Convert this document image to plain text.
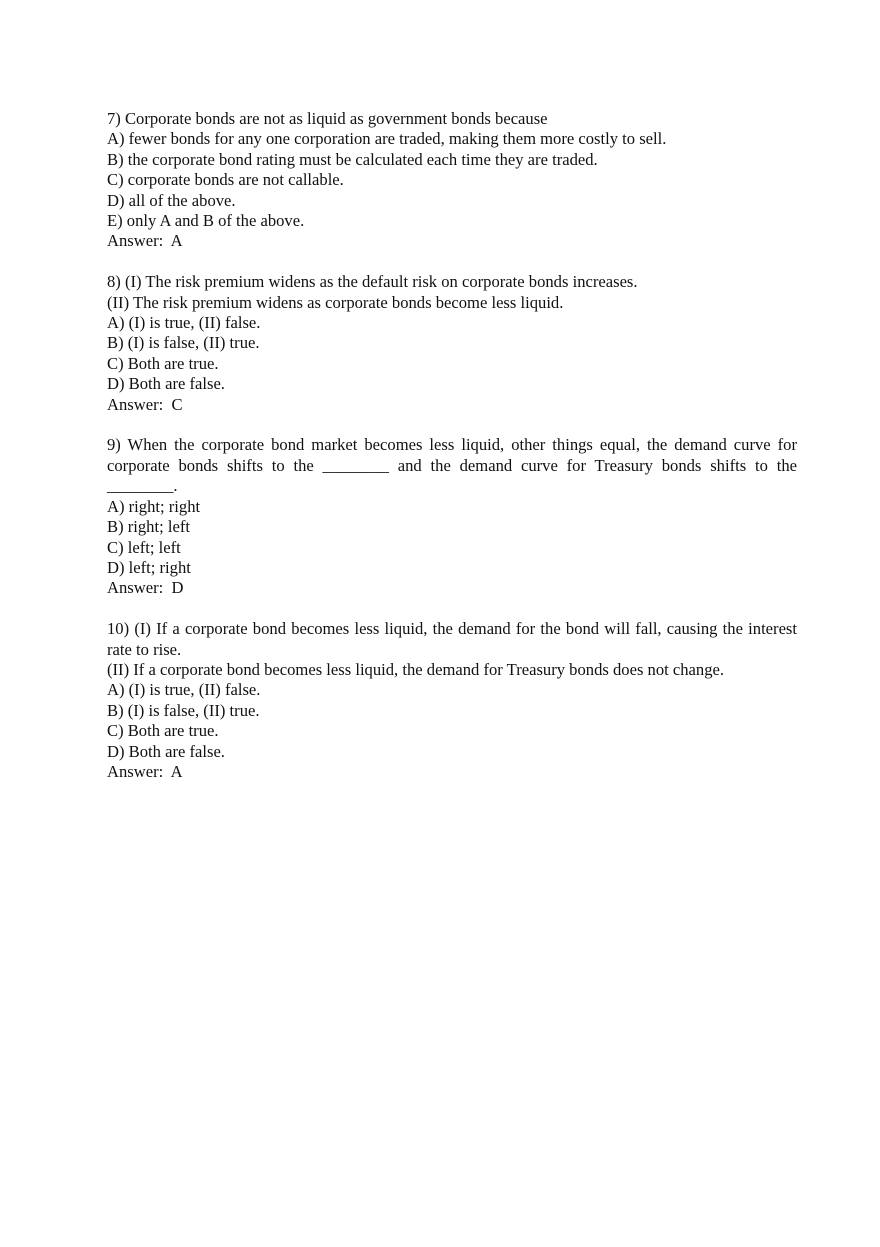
7) Corporate bonds are not as liquid as government bonds because
A) fewer bonds for any one corporation are traded, making them more costly to sell.
B) the corporate bond rating must be calculated each time they are traded.
C) corporate bonds are not callable.
D) all of the above.
E) only A and B of the above.
Answer:  A
8) (I) The risk premium widens as the default risk on corporate bonds increases.
(II) The risk premium widens as corporate bonds become less liquid.
A) (I) is true, (II) false.
B) (I) is false, (II) true.
C) Both are true.
D) Both are false.
Answer:  C
9) When the corporate bond market becomes less liquid, other things equal, the demand curve for corporate bonds shifts to the ________ and the demand curve for Treasury bonds shifts to the ________.
A) right; right
B) right; left
C) left; left
D) left; right
Answer:  D
10) (I) If a corporate bond becomes less liquid, the demand for the bond will fall, causing the interest rate to rise.
(II) If a corporate bond becomes less liquid, the demand for Treasury bonds does not change.
A) (I) is true, (II) false.
B) (I) is false, (II) true.
C) Both are true.
D) Both are false.
Answer:  A
